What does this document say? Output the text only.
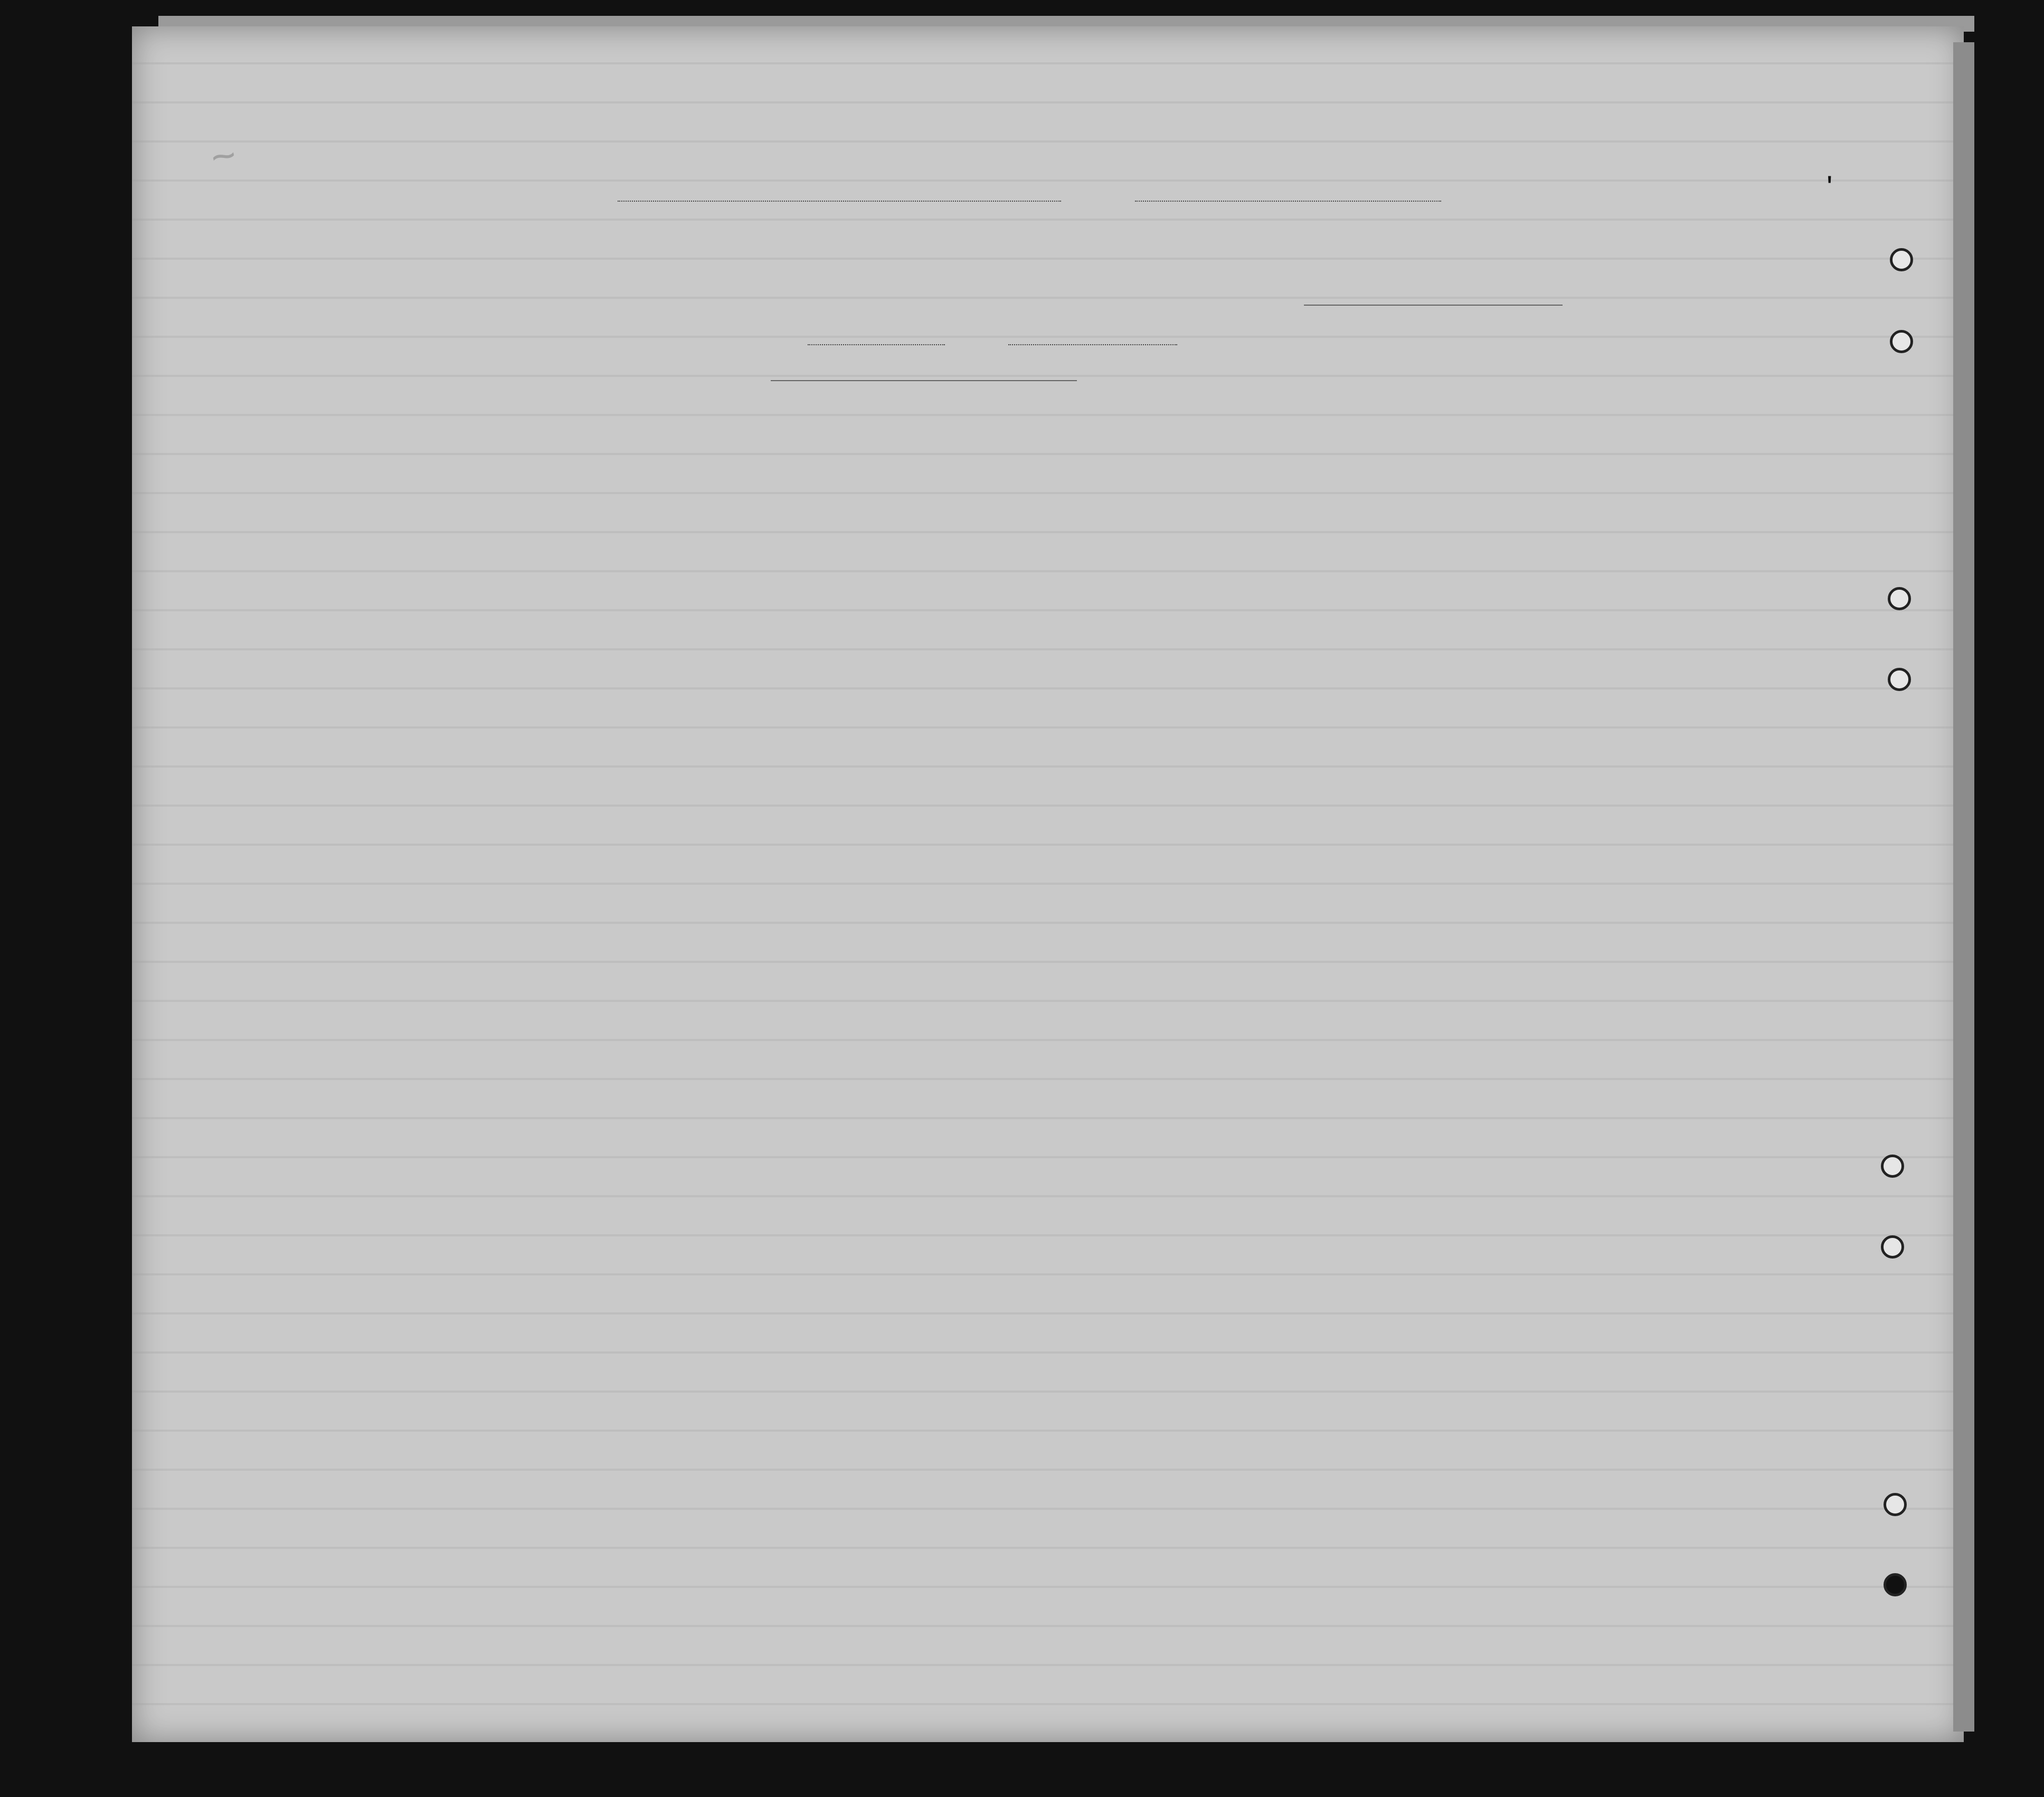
~
ʹ
